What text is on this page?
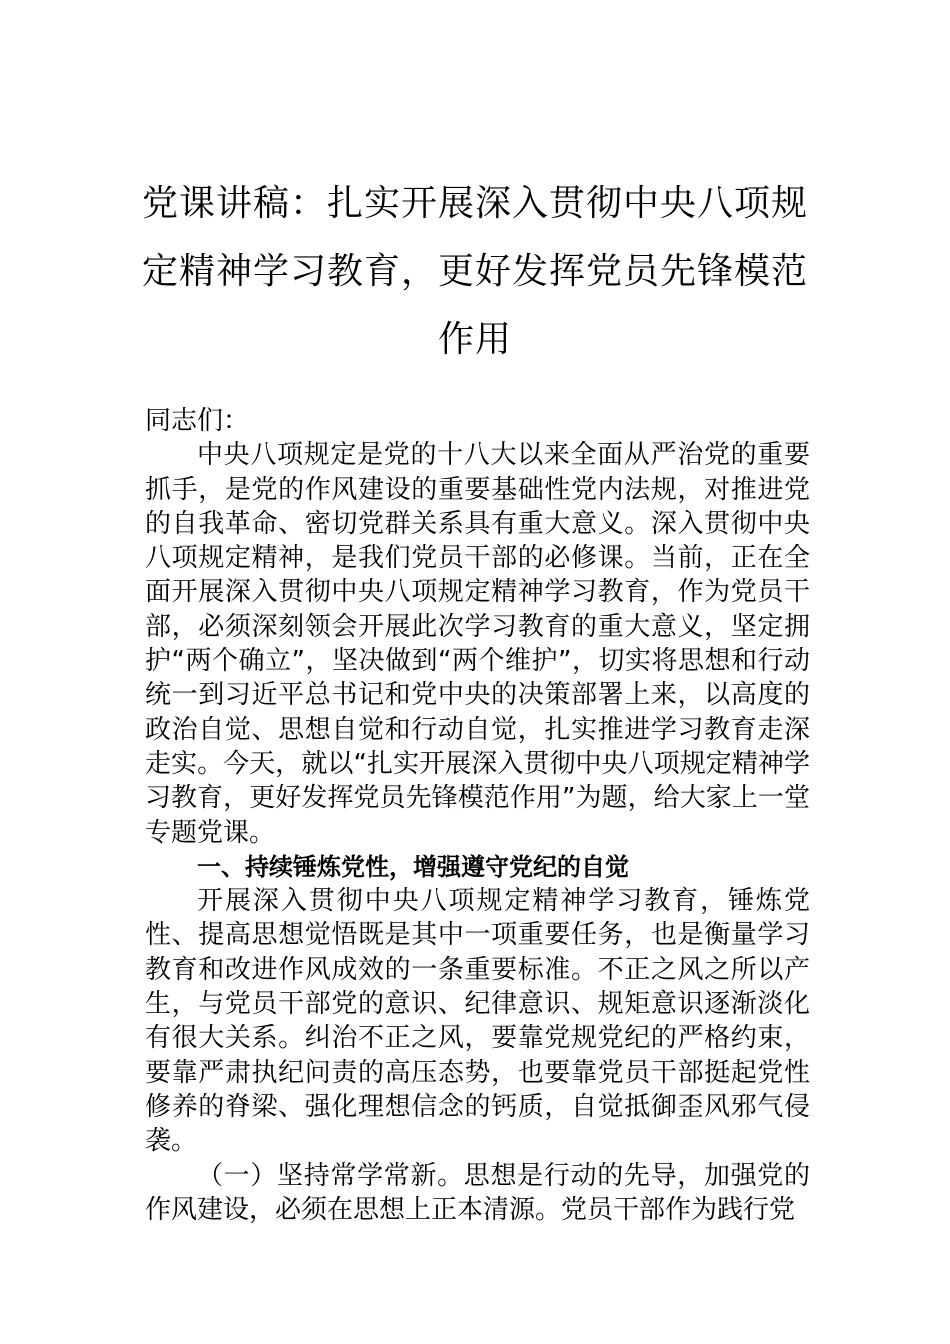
党课讲稿：扎实开展深入贯彻中央八项规
定精神学习教育，更好发挥党员先锋模范
作用

同志们：

中央八项规定是党的十八大以来全面从严治党的重要抓手，是党的作风建设的重要基础性党内法规，对推进党的自我革命、密切党群关系具有重大意义。深入贯彻中央八项规定精神，是我们党员干部的必修课。当前，正在全面开展深入贯彻中央八项规定精神学习教育，作为党员干部，必须深刻领会开展此次学习教育的重大意义，坚定拥护“两个确立”，坚决做到“两个维护”，切实将思想和行动统一到习近平总书记和党中央的决策部署上来，以高度的政治自觉、思想自觉和行动自觉，扎实推进学习教育走深走实。今天，就以“扎实开展深入贯彻中央八项规定精神学习教育，更好发挥党员先锋模范作用”为题，给大家上一堂专题党课。

一、持续锤炼党性，增强遵守党纪的自觉

开展深入贯彻中央八项规定精神学习教育，锤炼党性、提高思想觉悟既是其中一项重要任务，也是衡量学习教育和改进作风成效的一条重要标准。不正之风之所以产生，与党员干部党的意识、纪律意识、规矩意识逐渐淡化有很大关系。纠治不正之风，要靠党规党纪的严格约束，要靠严肃执纪问责的高压态势，也要靠党员干部挺起党性修养的脊梁、强化理想信念的钙质，自觉抵御歪风邪气侵袭。

（一）坚持常学常新。思想是行动的先导，加强党的作风建设，必须在思想上正本清源。党员干部作为践行党
